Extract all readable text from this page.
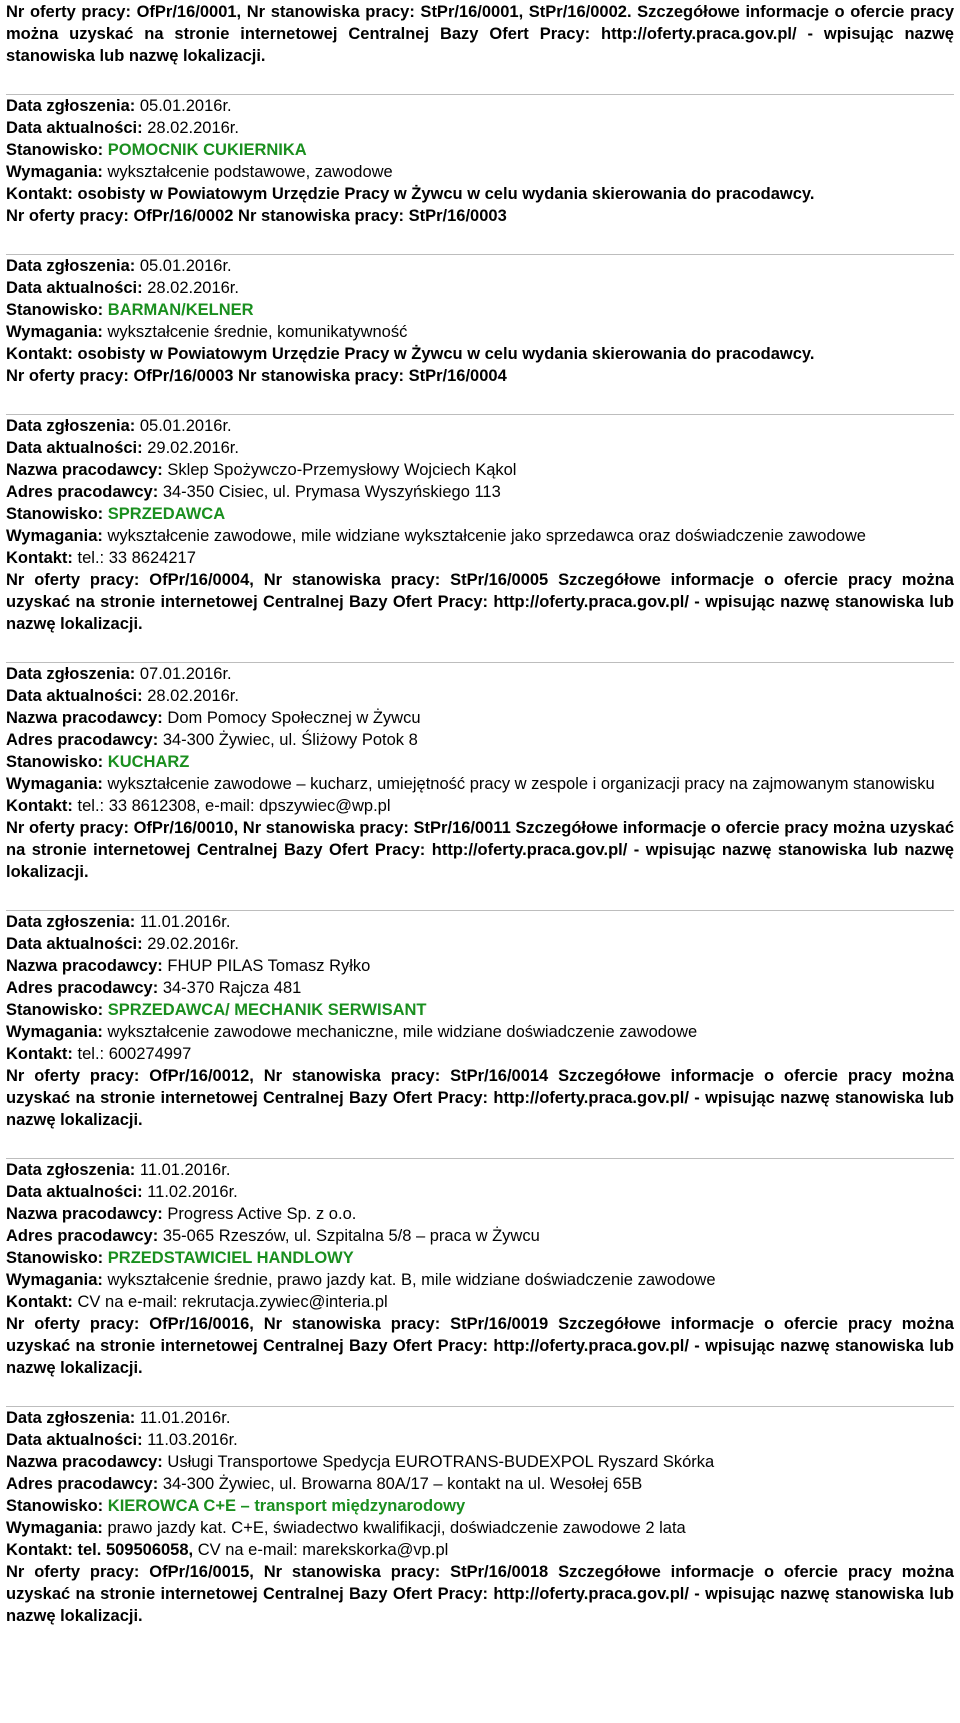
Nr oferty pracy: OfPr/16/0001, Nr stanowiska pracy: StPr/16/0001, StPr/16/0002. Szczegółowe informacje o ofercie pracy można uzyskać na stronie internetowej Centralnej Bazy Ofert Pracy: http://oferty.praca.gov.pl/ - wpisując nazwę stanowiska lub nazwę lokalizacji.

Data zgłoszenia: 05.01.2016r.

Data aktualności: 28.02.2016r.

Stanowisko: POMOCNIK CUKIERNIKA

Wymagania: wykształcenie podstawowe, zawodowe

Kontakt: osobisty w Powiatowym Urzędzie Pracy w Żywcu w celu wydania skierowania do pracodawcy.

Nr oferty pracy: OfPr/16/0002 Nr stanowiska pracy: StPr/16/0003

Data zgłoszenia: 05.01.2016r.

Data aktualności: 28.02.2016r.

Stanowisko: BARMAN/KELNER

Wymagania: wykształcenie średnie, komunikatywność

Kontakt: osobisty w Powiatowym Urzędzie Pracy w Żywcu w celu wydania skierowania do pracodawcy.

Nr oferty pracy: OfPr/16/0003 Nr stanowiska pracy: StPr/16/0004

Data zgłoszenia: 05.01.2016r.

Data aktualności: 29.02.2016r.

Nazwa pracodawcy: Sklep Spożywczo-Przemysłowy Wojciech Kąkol

Adres pracodawcy: 34-350 Cisiec, ul. Prymasa Wyszyńskiego 113

Stanowisko: SPRZEDAWCA

Wymagania: wykształcenie zawodowe, mile widziane wykształcenie jako sprzedawca oraz doświadczenie zawodowe

Kontakt: tel.: 33 8624217

Nr oferty pracy: OfPr/16/0004, Nr stanowiska pracy: StPr/16/0005 Szczegółowe informacje o ofercie pracy można uzyskać na stronie internetowej Centralnej Bazy Ofert Pracy: http://oferty.praca.gov.pl/ - wpisując nazwę stanowiska lub nazwę lokalizacji.

Data zgłoszenia: 07.01.2016r.

Data aktualności: 28.02.2016r.

Nazwa pracodawcy: Dom Pomocy Społecznej w Żywcu

Adres pracodawcy: 34-300 Żywiec, ul. Śliżowy Potok 8

Stanowisko: KUCHARZ

Wymagania: wykształcenie zawodowe – kucharz, umiejętność pracy w zespole i organizacji pracy na zajmowanym stanowisku

Kontakt: tel.: 33 8612308, e-mail: dpszywiec@wp.pl

Nr oferty pracy: OfPr/16/0010, Nr stanowiska pracy: StPr/16/0011 Szczegółowe informacje o ofercie pracy można uzyskać na stronie internetowej Centralnej Bazy Ofert Pracy: http://oferty.praca.gov.pl/ - wpisując nazwę stanowiska lub nazwę lokalizacji.

Data zgłoszenia: 11.01.2016r.

Data aktualności: 29.02.2016r.

Nazwa pracodawcy: FHUP PILAS Tomasz Ryłko

Adres pracodawcy: 34-370 Rajcza 481

Stanowisko: SPRZEDAWCA/ MECHANIK SERWISANT

Wymagania: wykształcenie zawodowe mechaniczne, mile widziane doświadczenie zawodowe

Kontakt: tel.: 600274997

Nr oferty pracy: OfPr/16/0012, Nr stanowiska pracy: StPr/16/0014 Szczegółowe informacje o ofercie pracy można uzyskać na stronie internetowej Centralnej Bazy Ofert Pracy: http://oferty.praca.gov.pl/ - wpisując nazwę stanowiska lub nazwę lokalizacji.

Data zgłoszenia: 11.01.2016r.

Data aktualności: 11.02.2016r.

Nazwa pracodawcy: Progress Active Sp. z o.o.

Adres pracodawcy: 35-065 Rzeszów, ul. Szpitalna 5/8 – praca w Żywcu

Stanowisko: PRZEDSTAWICIEL HANDLOWY

Wymagania: wykształcenie średnie, prawo jazdy kat. B, mile widziane doświadczenie zawodowe

Kontakt: CV na e-mail: rekrutacja.zywiec@interia.pl

Nr oferty pracy: OfPr/16/0016, Nr stanowiska pracy: StPr/16/0019 Szczegółowe informacje o ofercie pracy można uzyskać na stronie internetowej Centralnej Bazy Ofert Pracy: http://oferty.praca.gov.pl/ - wpisując nazwę stanowiska lub nazwę lokalizacji.

Data zgłoszenia: 11.01.2016r.

Data aktualności: 11.03.2016r.

Nazwa pracodawcy: Usługi Transportowe Spedycja EUROTRANS-BUDEXPOL Ryszard Skórka

Adres pracodawcy: 34-300 Żywiec, ul. Browarna 80A/17 – kontakt na ul. Wesołej 65B

Stanowisko: KIEROWCA C+E – transport międzynarodowy

Wymagania: prawo jazdy kat. C+E, świadectwo kwalifikacji, doświadczenie zawodowe 2 lata

Kontakt: tel. 509506058, CV na e-mail: marekskorka@vp.pl

Nr oferty pracy: OfPr/16/0015, Nr stanowiska pracy: StPr/16/0018 Szczegółowe informacje o ofercie pracy można uzyskać na stronie internetowej Centralnej Bazy Ofert Pracy: http://oferty.praca.gov.pl/ - wpisując nazwę stanowiska lub nazwę lokalizacji.
